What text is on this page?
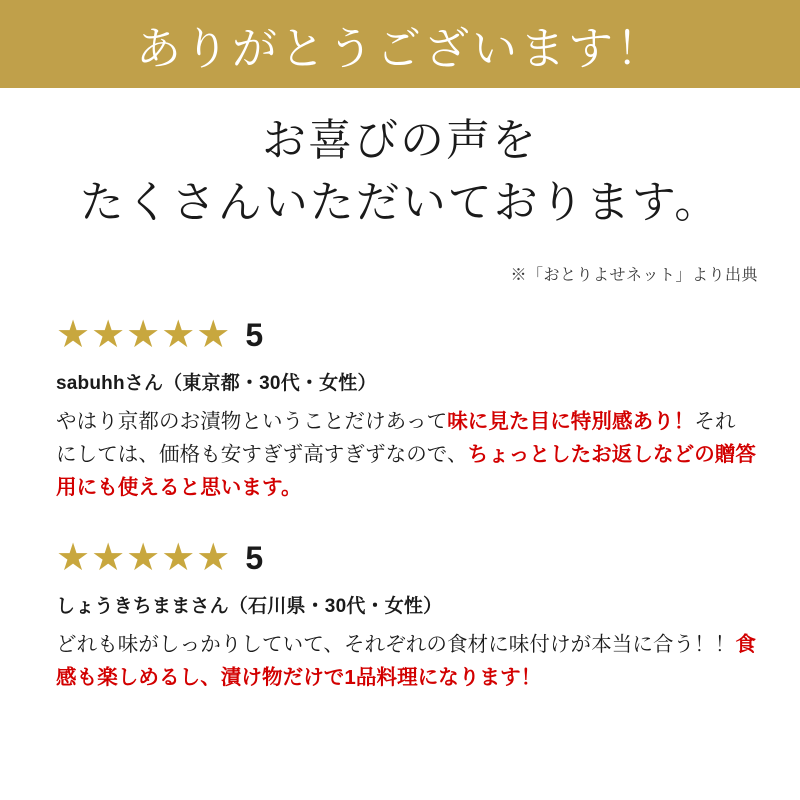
ありがとうございます！
お喜びの声を
たくさんいただいております。
※「おとりよせネット」より出典
★★★★★ 5
sabuhhさん（東京都・30代・女性）
やはり京都のお漬物ということだけあって味に見た目に特別感あり！それにしては、価格も安すぎず高すぎずなので、ちょっとしたお返しなどの贈答用にも使えると思います。
★★★★★ 5
しょうきちままさん（石川県・30代・女性）
どれも味がしっかりしていて、それぞれの食材に味付けが本当に合う！！食感も楽しめるし、漬け物だけで1品料理になります！
